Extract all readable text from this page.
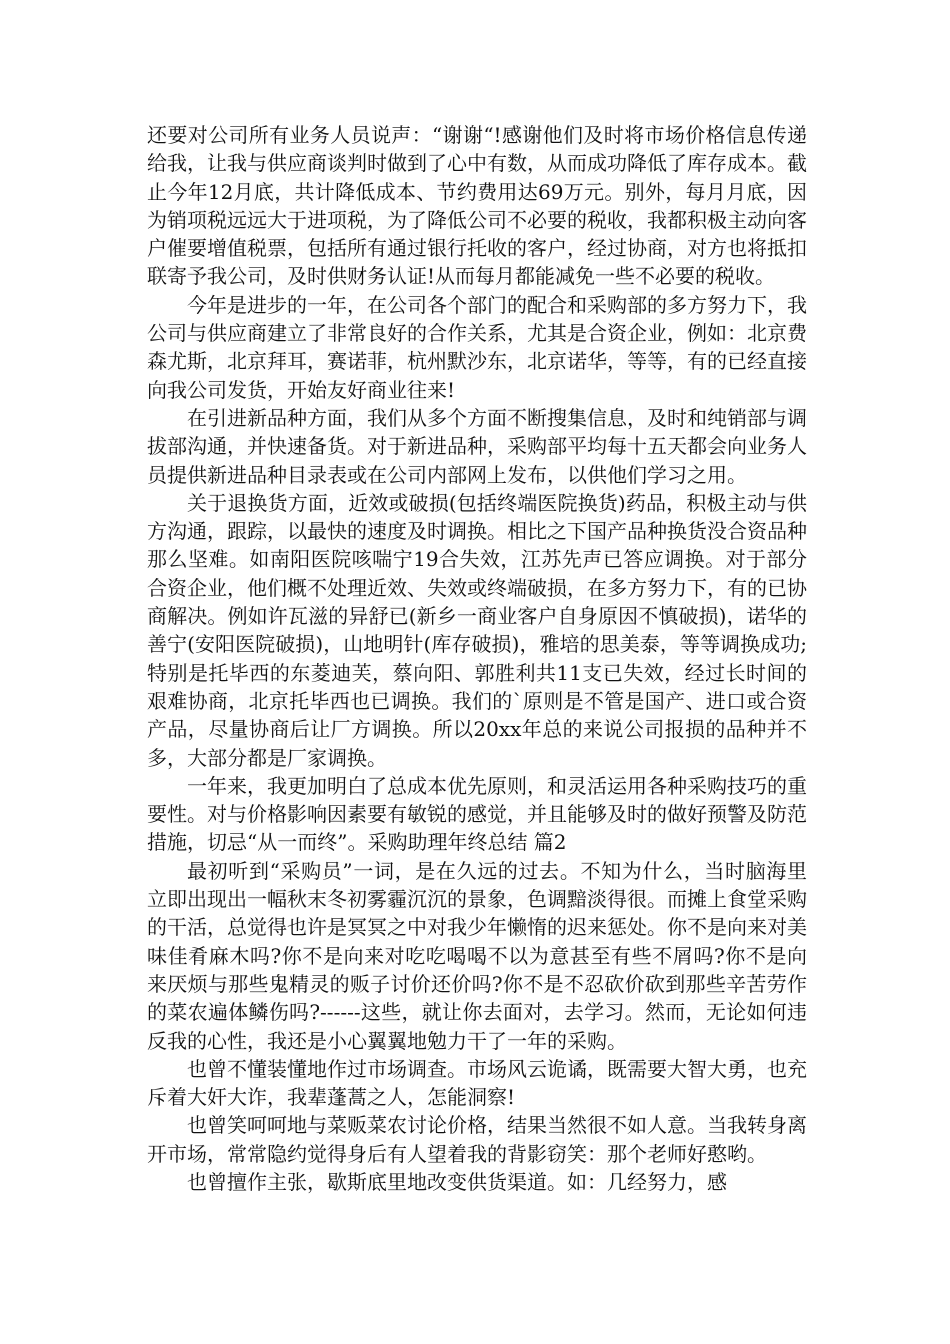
还要对公司所有业务人员说声：“谢谢“!感谢他们及时将市场价格信息传递给我，让我与供应商谈判时做到了心中有数，从而成功降低了库存成本。截止今年12月底，共计降低成本、节约费用达69万元。别外，每月月底，因为销项税远远大于进项税，为了降低公司不必要的税收，我都积极主动向客户催要增值税票，包括所有通过银行托收的客户，经过协商，对方也将抵扣联寄予我公司，及时供财务认证!从而每月都能减免一些不必要的税收。

今年是进步的一年，在公司各个部门的配合和采购部的多方努力下，我公司与供应商建立了非常良好的合作关系，尤其是合资企业，例如：北京费森尤斯，北京拜耳，赛诺菲，杭州默沙东，北京诺华，等等，有的已经直接向我公司发货，开始友好商业往来!

在引进新品种方面，我们从多个方面不断搜集信息，及时和纯销部与调拔部沟通，并快速备货。对于新进品种，采购部平均每十五天都会向业务人员提供新进品种目录表或在公司内部网上发布，以供他们学习之用。

关于退换货方面，近效或破损(包括终端医院换货)药品，积极主动与供方沟通，跟踪，以最快的速度及时调换。相比之下国产品种换货没合资品种那么坚难。如南阳医院咳喘宁19合失效，江苏先声已答应调换。对于部分合资企业，他们概不处理近效、失效或终端破损，在多方努力下，有的已协商解决。例如许瓦滋的异舒已(新乡一商业客户自身原因不慎破损)，诺华的善宁(安阳医院破损)，山地明针(库存破损)，雅培的思美泰，等等调换成功;特别是托毕西的东菱迪芙，蔡向阳、郭胜利共11支已失效，经过长时间的艰难协商，北京托毕西也已调换。我们的`原则是不管是国产、进口或合资产品，尽量协商后让厂方调换。所以20xx年总的来说公司报损的品种并不多，大部分都是厂家调换。

一年来，我更加明白了总成本优先原则，和灵活运用各种采购技巧的重要性。对与价格影响因素要有敏锐的感觉，并且能够及时的做好预警及防范措施，切忌“从一而终”。采购助理年终总结 篇2

最初听到“采购员”一词，是在久远的过去。不知为什么，当时脑海里立即出现出一幅秋末冬初雾霾沉沉的景象，色调黯淡得很。而摊上食堂采购的干活，总觉得也许是冥冥之中对我少年懒惰的迟来惩处。你不是向来对美味佳肴麻木吗?你不是向来对吃吃喝喝不以为意甚至有些不屑吗?你不是向来厌烦与那些鬼精灵的贩子讨价还价吗?你不是不忍砍价砍到那些辛苦劳作的菜农遍体鳞伤吗?------这些，就让你去面对，去学习。然而，无论如何违反我的心性，我还是小心翼翼地勉力干了一年的采购。

也曾不懂装懂地作过市场调查。市场风云诡谲，既需要大智大勇，也充斥着大奸大诈，我辈蓬蒿之人，怎能洞察!

也曾笑呵呵地与菜贩菜农讨论价格，结果当然很不如人意。当我转身离开市场，常常隐约觉得身后有人望着我的背影窃笑：那个老师好憨哟。

也曾擅作主张，歇斯底里地改变供货渠道。如：几经努力，感
